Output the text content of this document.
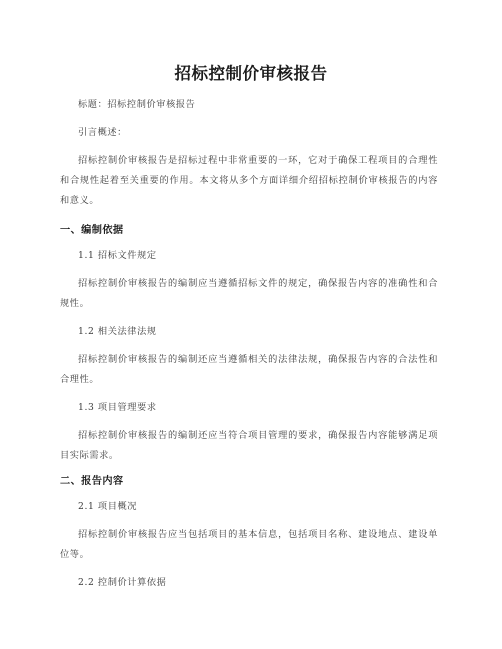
招标控制价审核报告
标题：招标控制价审核报告
引言概述：
招标控制价审核报告是招标过程中非常重要的一环，它对于确保工程项目的合理性和合规性起着至关重要的作用。本文将从多个方面详细介绍招标控制价审核报告的内容和意义。
一、编制依据
1.1 招标文件规定
招标控制价审核报告的编制应当遵循招标文件的规定，确保报告内容的准确性和合规性。
1.2 相关法律法规
招标控制价审核报告的编制还应当遵循相关的法律法规，确保报告内容的合法性和合理性。
1.3 项目管理要求
招标控制价审核报告的编制还应当符合项目管理的要求，确保报告内容能够满足项目实际需求。
二、报告内容
2.1 项目概况
招标控制价审核报告应当包括项目的基本信息，包括项目名称、建设地点、建设单位等。
2.2 控制价计算依据
